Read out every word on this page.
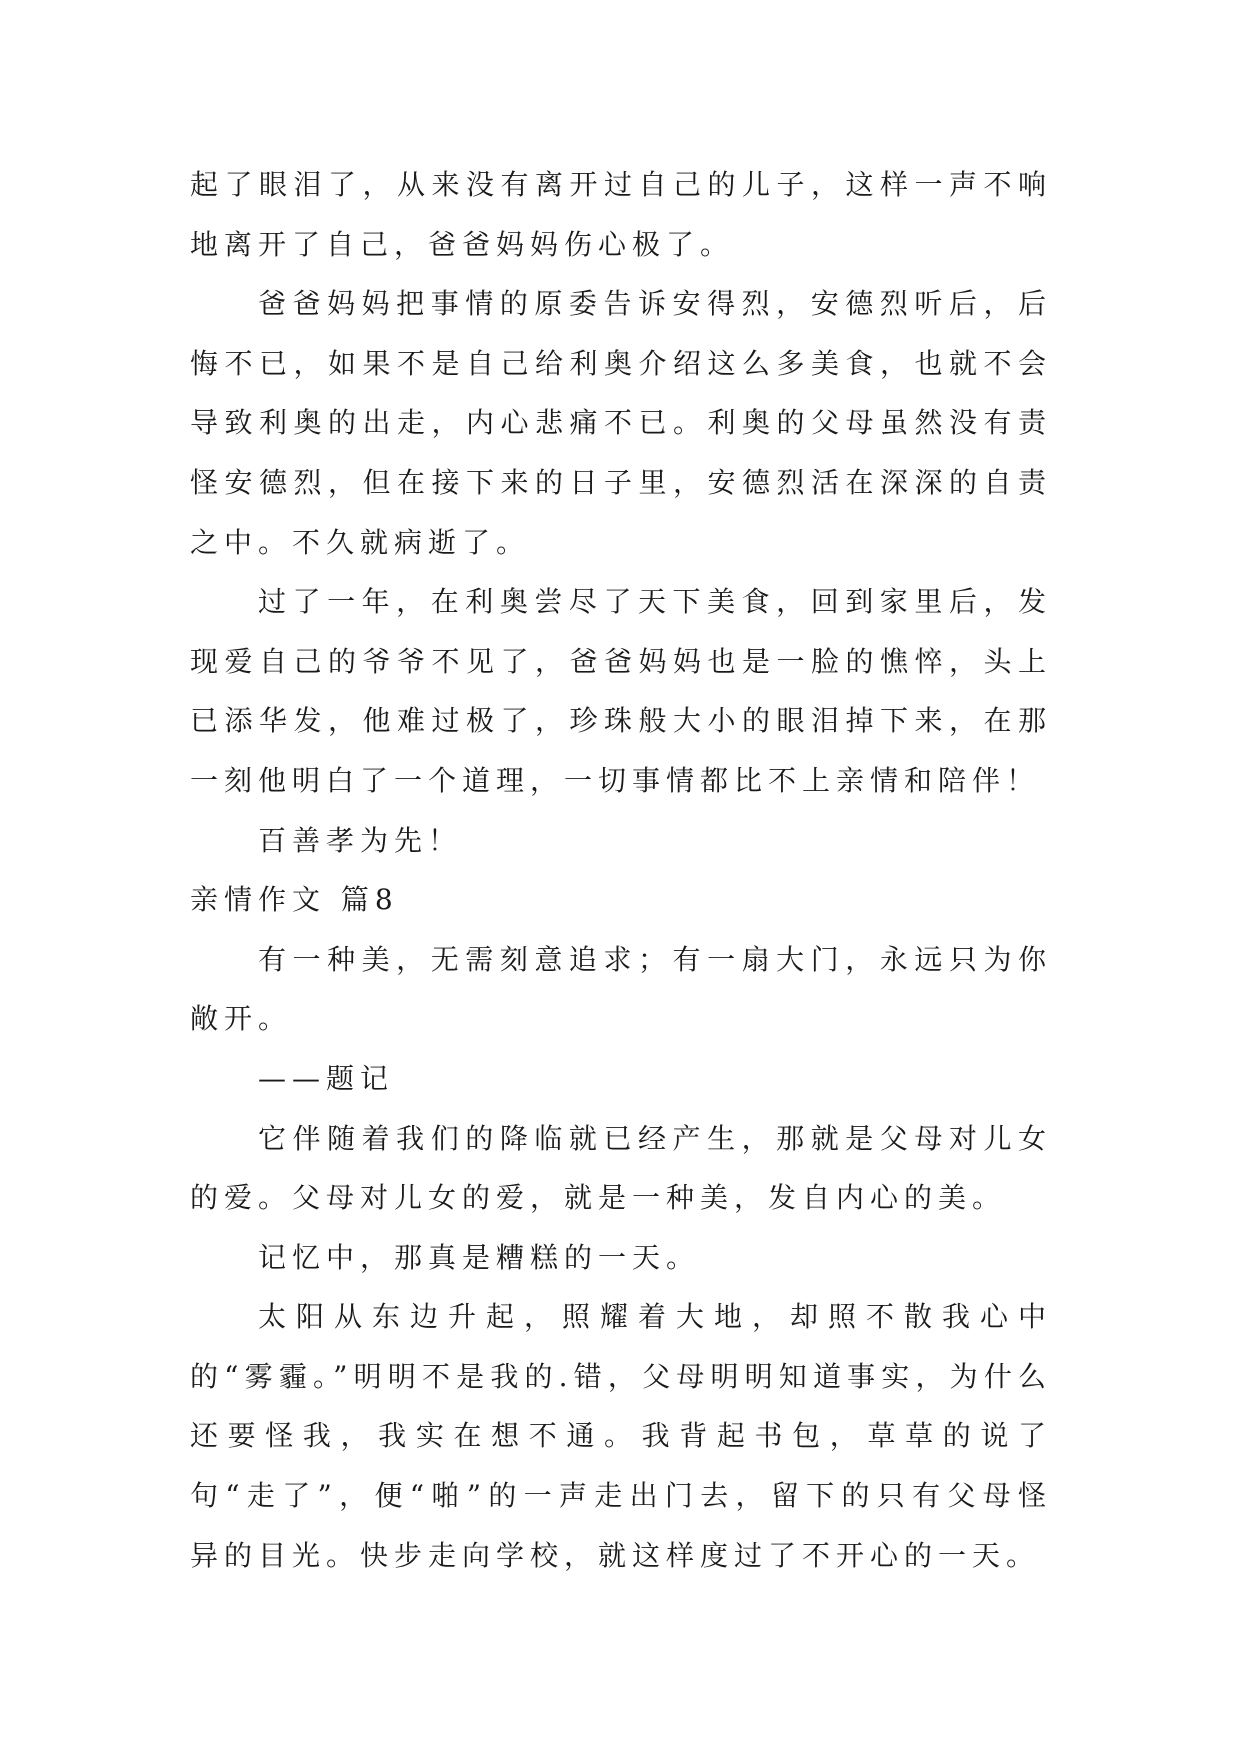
起了眼泪了，从来没有离开过自己的儿子，这样一声不响地离开了自己，爸爸妈妈伤心极了。

爸爸妈妈把事情的原委告诉安得烈，安德烈听后，后悔不已，如果不是自己给利奥介绍这么多美食，也就不会导致利奥的出走，内心悲痛不已。利奥的父母虽然没有责怪安德烈，但在接下来的日子里，安德烈活在深深的自责之中。不久就病逝了。

过了一年，在利奥尝尽了天下美食，回到家里后，发现爱自己的爷爷不见了，爸爸妈妈也是一脸的憔悴，头上已添华发，他难过极了，珍珠般大小的眼泪掉下来，在那一刻他明白了一个道理，一切事情都比不上亲情和陪伴！

百善孝为先！

亲情作文 篇8

有一种美，无需刻意追求；有一扇大门，永远只为你敞开。

——题记

它伴随着我们的降临就已经产生，那就是父母对儿女的爱。父母对儿女的爱，就是一种美，发自内心的美。

记忆中，那真是糟糕的一天。

太阳从东边升起，照耀着大地，却照不散我心中的“雾霾。”明明不是我的.错，父母明明知道事实，为什么还要怪我，我实在想不通。我背起书包，草草的说了句“走了”，便“啪”的一声走出门去，留下的只有父母怪异的目光。快步走向学校，就这样度过了不开心的一天。
